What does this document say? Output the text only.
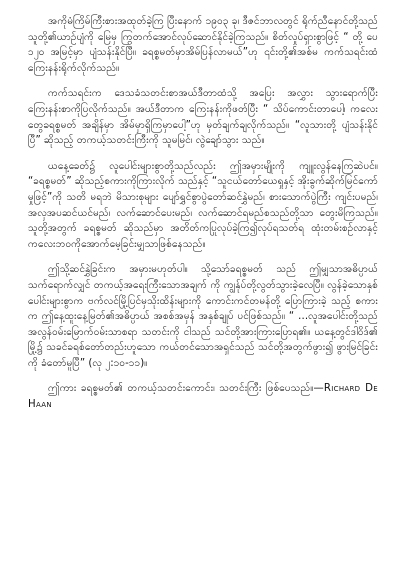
အကိုမံကြိမ်ကြီးစားအထုတ်ခဲ့ကြ ပြီးနောက် ၁၉၀၃ ခု၊ ဒီဇင်ဘာလတွင် ရိုက်ညီနောင်တို့သည် သူတို့၏ယာဉ်ပျံကို မြေမှ ကြွတက်အောင်လုပ်ဆောင်နိုင်ခဲ့ကြသည်။ စိတ်လှုပ်ရှားစွာဖြင့် “ တို့ ပေ ၁၂၀ အမြင့်မှာ ပျံသန်းနိုင်ပြီ။ ခရစ္စမတ်မှာအိမ်ပြန်လာမယ်”ဟု ၎င်းတို့၏အစ်မ ကက်သရင်းထံ ကြေးနန်းရိုက်လိုက်သည်။

ကက်သရင်းက ဒေသခံသတင်းစာအယ်ဒီတာထံသို့ အပြေး အလွှား သွားရောက်ပြီး ကြေးနန်းစာကိုပြလိုက်သည်။ အယ်ဒီတာက ကြေးနန်းကိုဖတ်ပြီး “ သိပ်ကောင်းတာပေါ့၊ ကလေးတွေခရစ္စမတ် အချိန်မှာ အိမ်မှာရှိကြမှာပေါ့”ဟု မှတ်ချက်ချလိုက်သည်။ “လူသားတို့ ပျံသန်းနိုင်ပြီ” ဆိုသည့် တကယ့်သတင်းကြီးကို သူမမြင်၊ လွဲချော်သွား သည်။

ယနေ့ခေတ်၌ လူပေါင်းများစွာတို့သည်လည်း ဤအမှားမျိုးကို ကျူးလွန်နေကြဆဲပင်။ “ခရစ္စမတ်” ဆိုသည့်စကားကိုကြားလိုက် သည်နှင့် “သူငယ်တော်ယေရှုနှင့် အိုးခွက်ဆိုက်မြင်ကော်မှုဖြင့်”ကို သတိ မရဘဲ မိသားစုများ ပျော်ရွှင်စွာပွဲတော်ဆင်နွှဲမည်၊ စားသောက်ပွဲကြီး ကျင်းပမည်၊ အလှအပဆင်ယင်မည်၊ လက်ဆောင်ပေးမည်၊ လက်ဆောင်ရမည်စသည်တို့သာ တွေးမိကြသည်။ သူတို့အတွက် ခရစ္စမတ် ဆိုသည်မှာ အတိတ်ကပြုလုပ်ခဲ့ကြ၍လုပ်ရသတ်ရ ထုံးတမ်းစဉ်လာနှင့် ကလေးဘဝကိုအောက်မေ့ခြင်းမျှသာဖြစ်နေသည်။

ဤသို့ဆင်နွှဲခြင်းက အမှားမဟုတ်ပါ။ သို့သော်ခရစ္စမတ် သည် ဤမျှသာအဓိပ္ပာယ်သက်ရောက်လျှင် တကယ့်အရေးကြီးသောအချက် ကို ကျွန်ုပ်တို့လွတ်သွားခဲ့လေပြီ။ လွန်ခဲ့သောနှစ်ပေါင်းများစွာက ဗက်လင်မြို့ပြင်မှသိုးထိန်းများကို ကောင်းကင်တမန်တို့ ပြောကြားခဲ့ သည့် စကားက ဤနေ့ထူးနေ့မြတ်၏အဓိပ္ပာယ် အစစ်အမှန် အနှစ်ချုပ် ပင်ဖြစ်သည်။ “ …လူအပေါင်းတို့သည် အလွန်ဝမ်းမြောက်ဝမ်းသာစရာ သတင်းကို ငါသည် သင်တို့အားကြားပြောရ၏။ ယနေ့တွင်ဒါဝိဒ်၏ မြို့၌ သခင်ခရစ်တော်တည်းဟူသော ကယ်တင်သောအရှင်သည် သင်တို့အတွက်ဖွား၍ ဖွားမြင်ခြင်းကို ခံတော်မူပြီ” (လု ၂:၁၀-၁၁)။

ဤကား ခရစ္စမတ်၏ တကယ့်သတင်းကောင်း၊ သတင်းကြီး ဖြစ်ပေသည်။—Richard De Haan
